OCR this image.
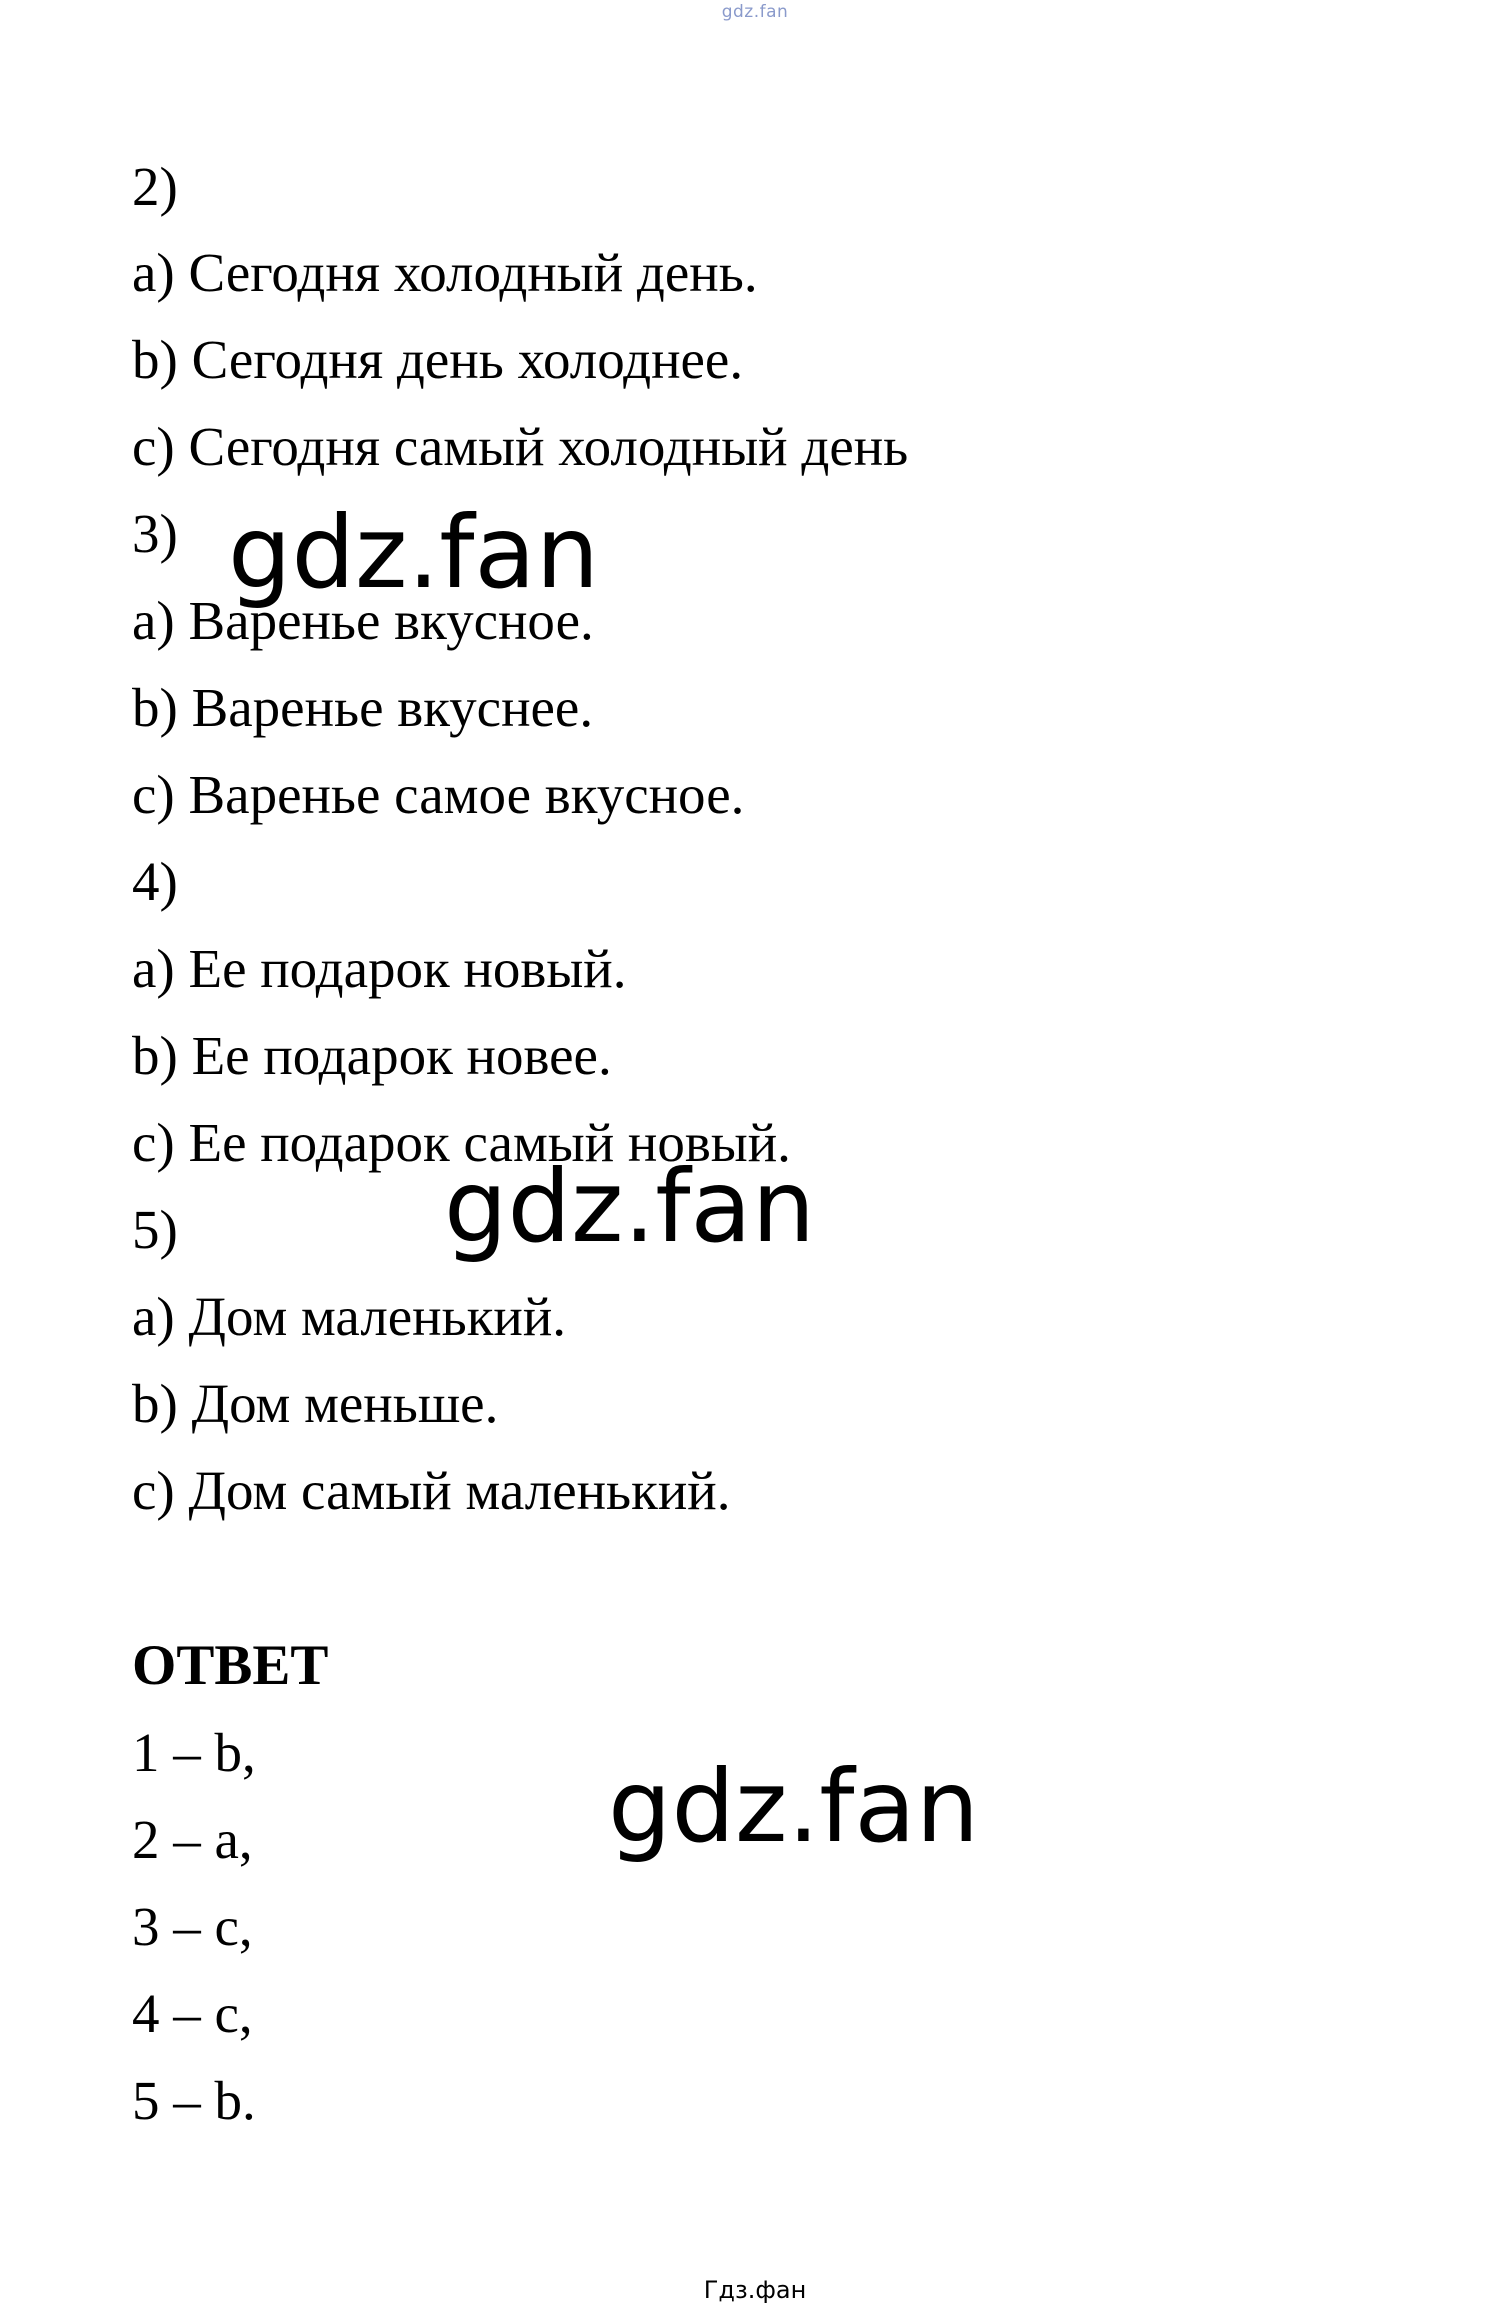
gdz.fan
2)
a) Сегодня холодный день.
b) Сегодня день холоднее.
c) Сегодня самый холодный день
3)
a) Варенье вкусное.
b) Варенье вкуснее.
c) Варенье самое вкусное.
4)
a) Ее подарок новый.
b) Ее подарок новее.
c) Ее подарок самый новый.
5)
a) Дом маленький.
b) Дом меньше.
c) Дом самый маленький.
ОТВЕТ
1 – b,
2 – a,
3 – c,
4 – c,
5 – b.
gdz.fan
gdz.fan
gdz.fan
Гдз.фан
